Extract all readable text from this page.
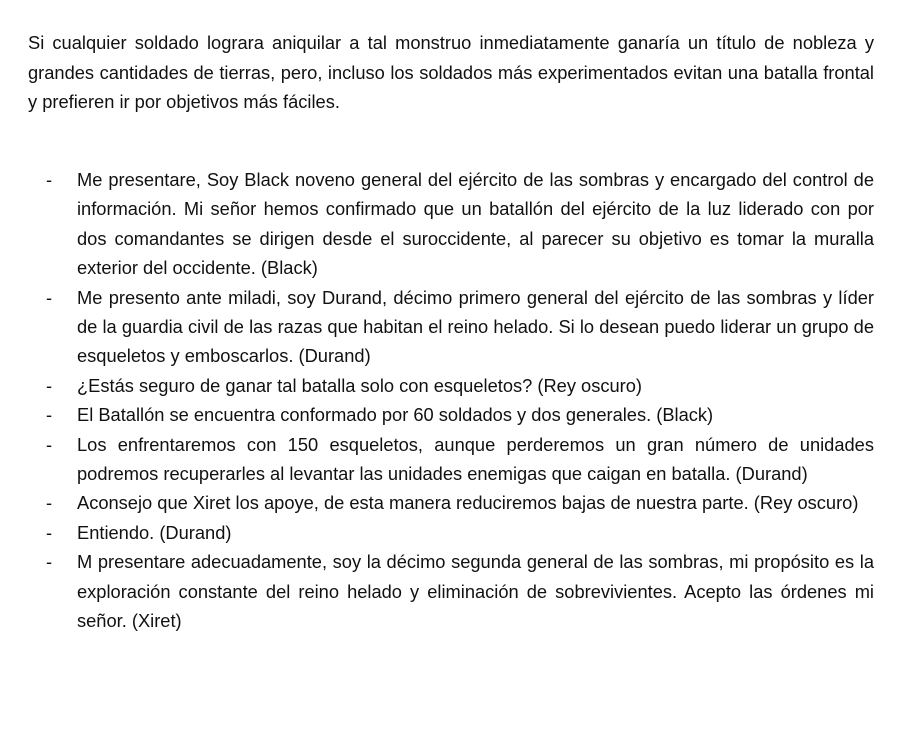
Si cualquier soldado lograra aniquilar a tal monstruo inmediatamente ganaría un título de nobleza y grandes cantidades de tierras, pero, incluso los soldados más experimentados evitan una batalla frontal y prefieren ir por objetivos más fáciles.

- Me presentare, Soy Black noveno general del ejército de las sombras y encargado del control de información. Mi señor hemos confirmado que un batallón del ejército de la luz liderado con por dos comandantes se dirigen desde el suroccidente, al parecer su objetivo es tomar la muralla exterior del occidente. (Black)
- Me presento ante miladi, soy Durand, décimo primero general del ejército de las sombras y líder de la guardia civil de las razas que habitan el reino helado. Si lo desean puedo liderar un grupo de esqueletos y emboscarlos. (Durand)
- ¿Estás seguro de ganar tal batalla solo con esqueletos? (Rey oscuro)
- El Batallón se encuentra conformado por 60 soldados y dos generales. (Black)
- Los enfrentaremos con 150 esqueletos, aunque perderemos un gran número de unidades podremos recuperarles al levantar las unidades enemigas que caigan en batalla. (Durand)
- Aconsejo que Xiret los apoye, de esta manera reduciremos bajas de nuestra parte. (Rey oscuro)
- Entiendo. (Durand)
- M presentare adecuadamente, soy la décimo segunda general de las sombras, mi propósito es la exploración constante del reino helado y eliminación de sobrevivientes. Acepto las órdenes mi señor. (Xiret)
